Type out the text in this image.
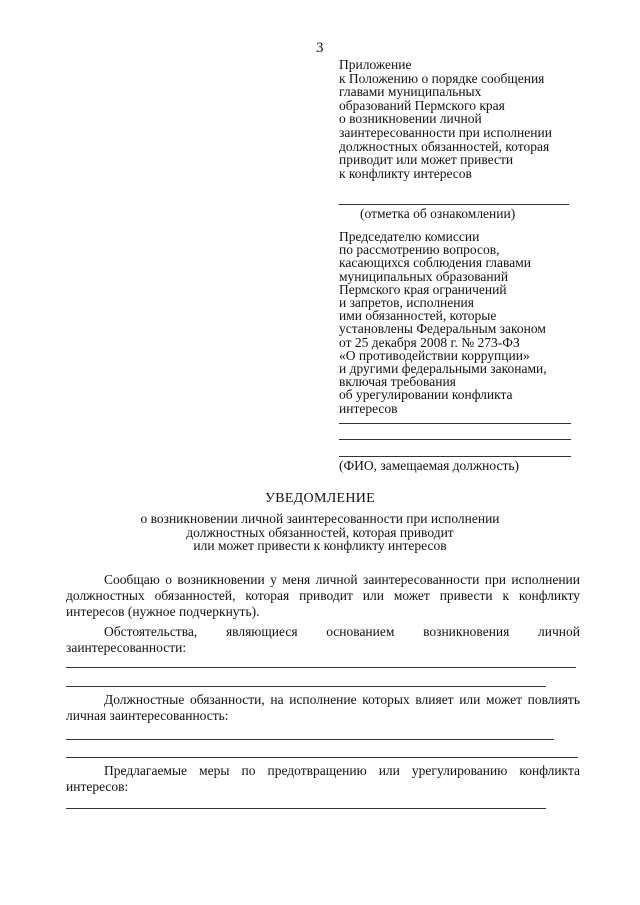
3
Приложение
к Положению о порядке сообщения
главами муниципальных
образований Пермского края
о возникновении личной
заинтересованности при исполнении
должностных обязанностей, которая
приводит или может привести
к конфликту интересов
(отметка об ознакомлении)
Председателю комиссии
по рассмотрению вопросов,
касающихся соблюдения главами
муниципальных образований
Пермского края ограничений
и запретов, исполнения
ими обязанностей, которые
установлены Федеральным законом
от 25 декабря 2008 г. № 273-ФЗ
«О противодействии коррупции»
и другими федеральными законами,
включая требования
об урегулировании конфликта
интересов
(ФИО, замещаемая должность)
УВЕДОМЛЕНИЕ
о возникновении личной заинтересованности при исполнении
должностных обязанностей, которая приводит
или может привести к конфликту интересов
Сообщаю о возникновении у меня личной заинтересованности при исполнении должностных обязанностей, которая приводит или может привести к конфликту интересов (нужное подчеркнуть).
Обстоятельства, являющиеся основанием возникновения личной заинтересованности:
Должностные обязанности, на исполнение которых влияет или может повлиять личная заинтересованность:
Предлагаемые меры по предотвращению или урегулированию конфликта интересов:
